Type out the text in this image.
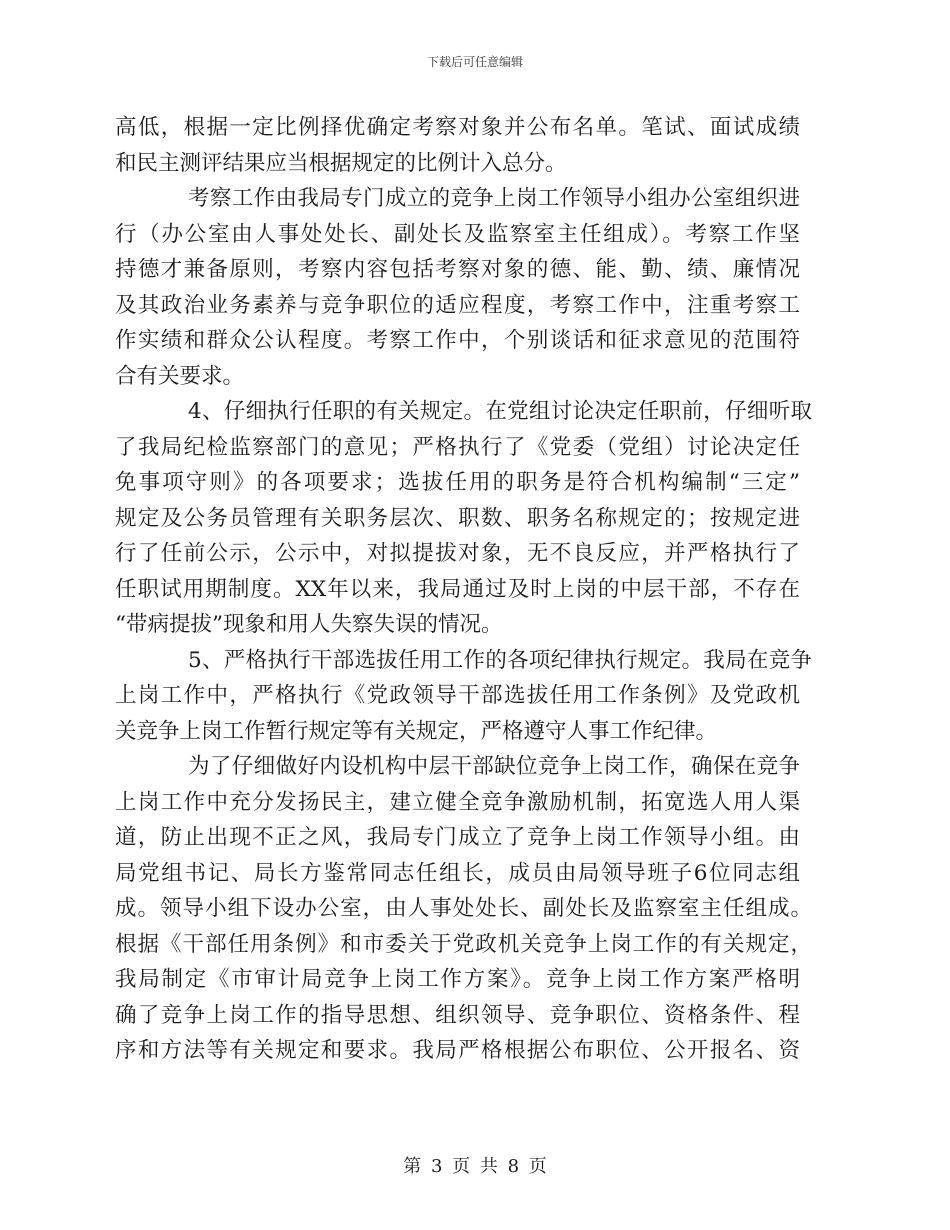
下载后可任意编辑
高低，根据一定比例择优确定考察对象并公布名单。笔试、面试成绩
和民主测评结果应当根据规定的比例计入总分。
考察工作由我局专门成立的竞争上岗工作领导小组办公室组织进
行（办公室由人事处处长、副处长及监察室主任组成）。考察工作坚
持德才兼备原则，考察内容包括考察对象的德、能、勤、绩、廉情况
及其政治业务素养与竞争职位的适应程度，考察工作中，注重考察工
作实绩和群众公认程度。考察工作中，个别谈话和征求意见的范围符
合有关要求。
4、仔细执行任职的有关规定。在党组讨论决定任职前，仔细听取
了我局纪检监察部门的意见；严格执行了《党委（党组）讨论决定任
免事项守则》的各项要求；选拔任用的职务是符合机构编制“三定”
规定及公务员管理有关职务层次、职数、职务名称规定的；按规定进
行了任前公示，公示中，对拟提拔对象，无不良反应，并严格执行了
任职试用期制度。XX年以来，我局通过及时上岗的中层干部，不存在
“带病提拔”现象和用人失察失误的情况。
5、严格执行干部选拔任用工作的各项纪律执行规定。我局在竞争
上岗工作中，严格执行《党政领导干部选拔任用工作条例》及党政机
关竞争上岗工作暂行规定等有关规定，严格遵守人事工作纪律。
为了仔细做好内设机构中层干部缺位竞争上岗工作，确保在竞争
上岗工作中充分发扬民主，建立健全竞争激励机制，拓宽选人用人渠
道，防止出现不正之风，我局专门成立了竞争上岗工作领导小组。由
局党组书记、局长方鉴常同志任组长，成员由局领导班子6位同志组
成。领导小组下设办公室，由人事处处长、副处长及监察室主任组成。
根据《干部任用条例》和市委关于党政机关竞争上岗工作的有关规定，
我局制定《市审计局竞争上岗工作方案》。竞争上岗工作方案严格明
确了竞争上岗工作的指导思想、组织领导、竞争职位、资格条件、程
序和方法等有关规定和要求。我局严格根据公布职位、公开报名、资
第 3 页 共 8 页
